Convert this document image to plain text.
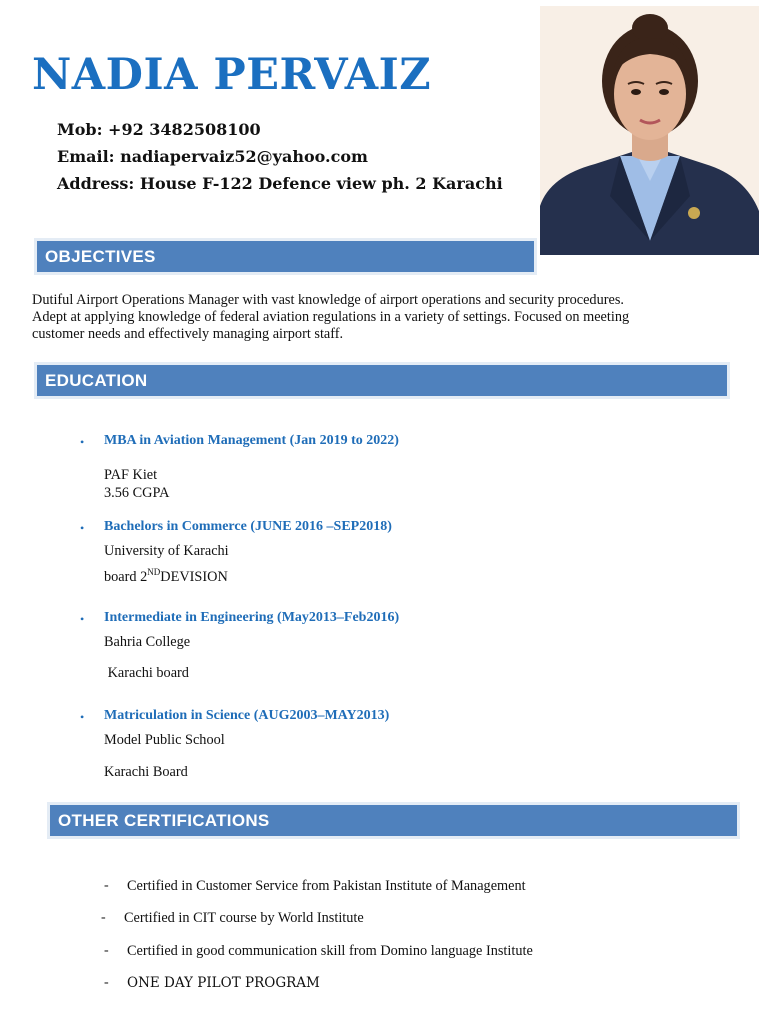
NADIA PERVAIZ
Mob: +92 3482508100
Email: nadiapervaiz52@yahoo.com
Address: House F-122 Defence view ph. 2 Karachi
OBJECTIVES
Dutiful Airport Operations Manager with vast knowledge of airport operations and security procedures.
Adept at applying knowledge of federal aviation regulations in a variety of settings. Focused on meeting
customer needs and effectively managing airport staff.
EDUCATION
• MBA in Aviation Management (Jan 2019 to 2022)
PAF Kiet
3.56 CGPA
• Bachelors in Commerce (JUNE 2016 –SEP2018)
University of Karachi
board 2NDDEVISION
• Intermediate in Engineering (May2013–Feb2016)
Bahria College
Karachi board
• Matriculation in Science (AUG2003–MAY2013)
Model Public School
Karachi Board
OTHER CERTIFICATIONS
- Certified in Customer Service from Pakistan Institute of Management
- Certified in CIT course by World Institute
- Certified in good communication skill from Domino language Institute
- ONE DAY PILOT PROGRAM
